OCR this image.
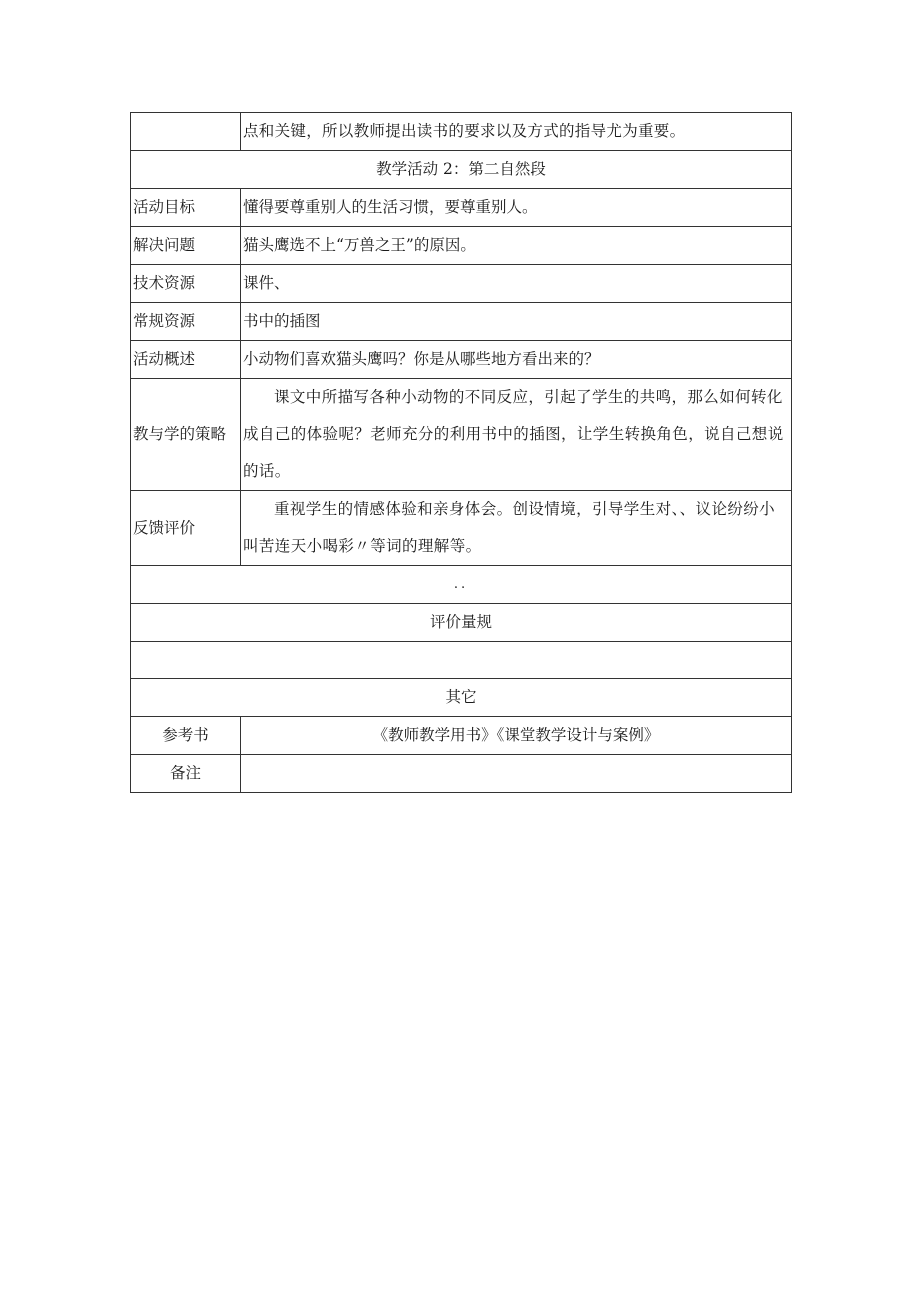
	点和关键，所以教师提出读书的要求以及方式的指导尤为重要。
教学活动 2：第二自然段	
活动目标	懂得要尊重别人的生活习惯，要尊重别人。
解决问题	猫头鹰选不上“万兽之王”的原因。
技术资源	课件、
常规资源	书中的插图
活动概述	小动物们喜欢猫头鹰吗？你是从哪些地方看出来的？
教与学的策略	课文中所描写各种小动物的不同反应，引起了学生的共鸣，那么如何转化成自己的体验呢？老师充分的利用书中的插图，让学生转换角色，说自己想说的话。

反馈评价	重视学生的情感体验和亲身体会。创设情境，引导学生对、、议论纷纷小叫苦连天小喝彩〃等词的理解等。

..	
评价量规	

其它	
参考书	《教师教学用书》《课堂教学设计与案例》
备注	
